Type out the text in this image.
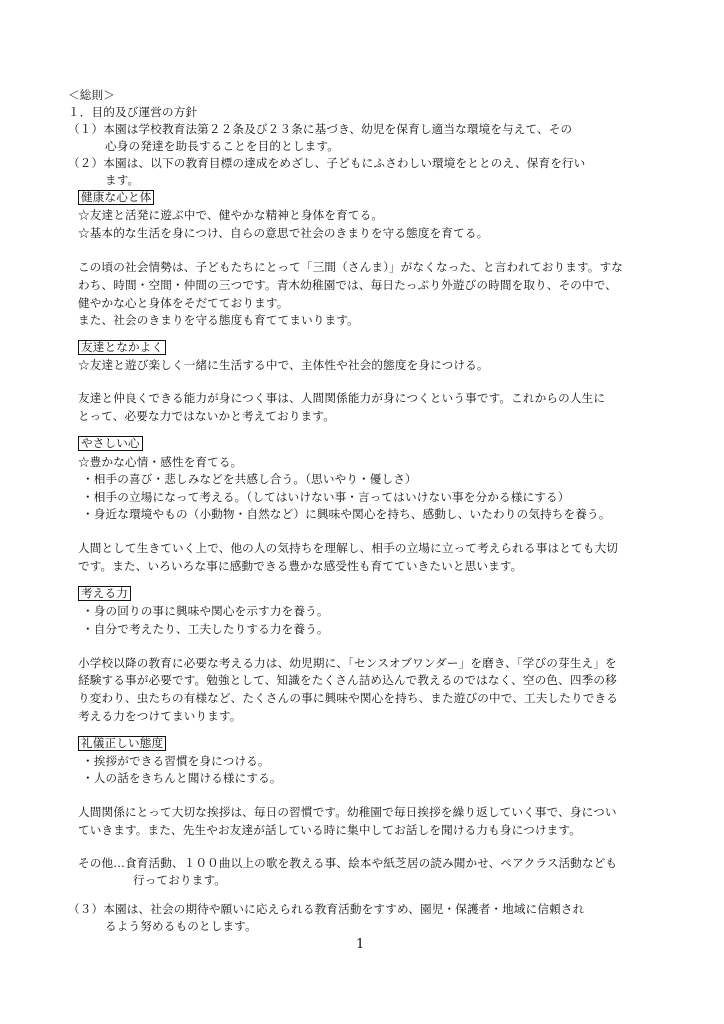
＜総則＞
１．目的及び運営の方針
（１）本園は学校教育法第２２条及び２３条に基づき、幼児を保育し適当な環境を与えて、その
心身の発達を助長することを目的とします。
（２）本園は、以下の教育目標の達成をめざし、子どもにふさわしい環境をととのえ、保育を行い
ます。
健康な心と体
☆友達と活発に遊ぶ中で、健やかな精神と身体を育てる。
☆基本的な生活を身につけ、自らの意思で社会のきまりを守る態度を育てる。
この頃の社会情勢は、子どもたちにとって「三間（さんま）」がなくなった、と言われております。すな
わち、時間・空間・仲間の三つです。青木幼稚園では、毎日たっぷり外遊びの時間を取り、その中で、
健やかな心と身体をそだてております。
また、社会のきまりを守る態度も育ててまいります。
友達となかよく
☆友達と遊び楽しく一緒に生活する中で、主体性や社会的態度を身につける。
友達と仲良くできる能力が身につく事は、人間関係能力が身につくという事です。これからの人生に
とって、必要な力ではないかと考えております。
やさしい心
☆豊かな心情・感性を育てる。
・相手の喜び・悲しみなどを共感し合う。（思いやり・優しさ）
・相手の立場になって考える。（してはいけない事・言ってはいけない事を分かる様にする）
・身近な環境やもの（小動物・自然など）に興味や関心を持ち、感動し、いたわりの気持ちを養う。
人間として生きていく上で、他の人の気持ちを理解し、相手の立場に立って考えられる事はとても大切
です。また、いろいろな事に感動できる豊かな感受性も育てていきたいと思います。
考える力
・身の回りの事に興味や関心を示す力を養う。
・自分で考えたり、工夫したりする力を養う。
小学校以降の教育に必要な考える力は、幼児期に、「センスオブワンダー」を磨き、「学びの芽生え」を
経験する事が必要です。勉強として、知識をたくさん詰め込んで教えるのではなく、空の色、四季の移
り変わり、虫たちの有様など、たくさんの事に興味や関心を持ち、また遊びの中で、工夫したりできる
考える力をつけてまいります。
礼儀正しい態度
・挨拶ができる習慣を身につける。
・人の話をきちんと聞ける様にする。
人間関係にとって大切な挨拶は、毎日の習慣です。幼稚園で毎日挨拶を繰り返していく事で、身につい
ていきます。また、先生やお友達が話している時に集中してお話しを聞ける力も身につけます。
その他…食育活動、１００曲以上の歌を教える事、絵本や紙芝居の読み聞かせ、ペアクラス活動なども
行っております。
（３）本園は、社会の期待や願いに応えられる教育活動をすすめ、園児・保護者・地域に信頼され
るよう努めるものとします。
1
